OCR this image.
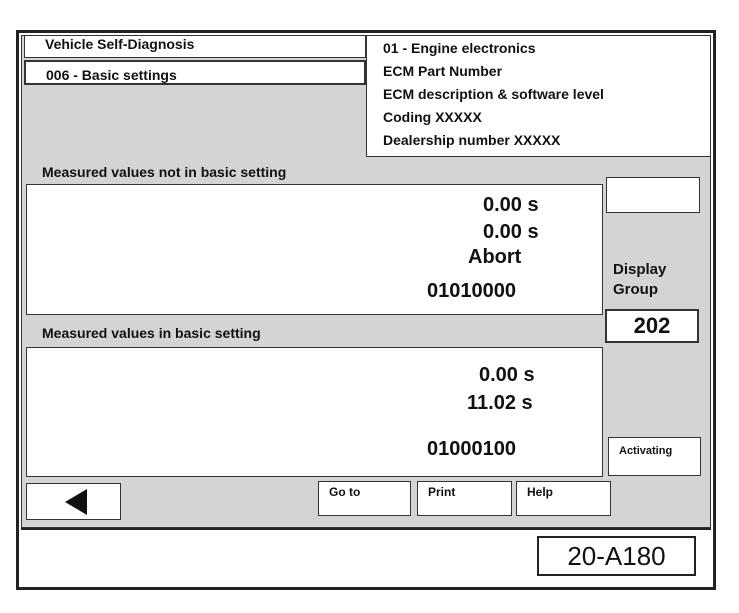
Vehicle Self-Diagnosis
006 - Basic settings
01 - Engine electronics
ECM Part Number
ECM description & software level
Coding XXXXX
Dealership number XXXXX
Measured values not in basic setting
0.00 s
0.00 s
Abort
01010000
Measured values in basic setting
0.00 s
11.02 s
01000100
Display Group
202
Activating
Go to	Print	Help
20-A180
